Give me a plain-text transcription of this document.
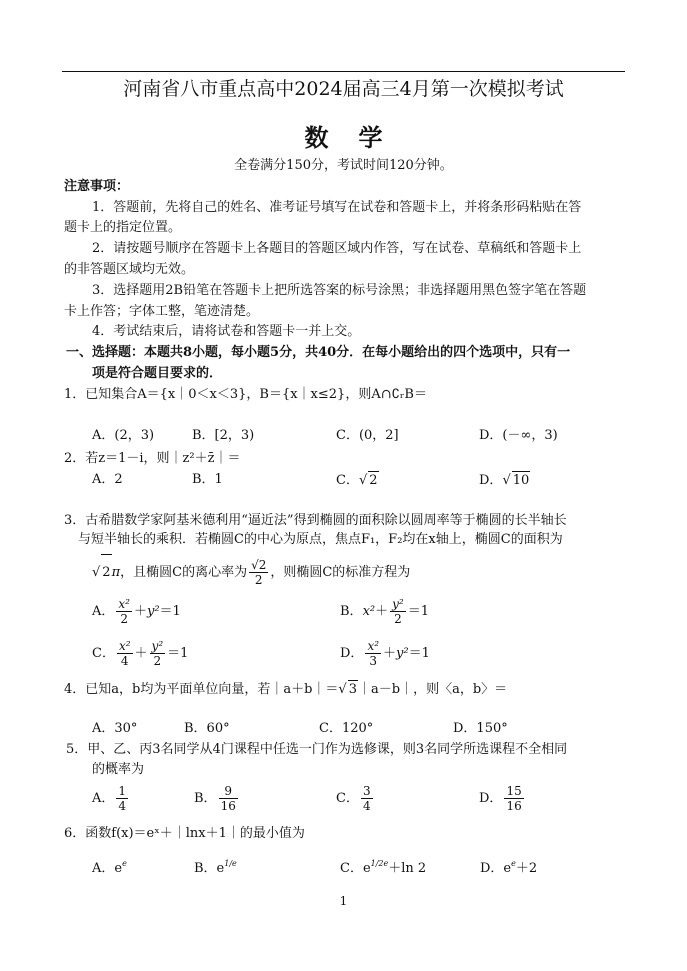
河南省八市重点高中2024届高三4月第一次模拟考试
数学
全卷满分150分，考试时间120分钟。
注意事项：
1．答题前，先将自己的姓名、准考证号填写在试卷和答题卡上，并将条形码粘贴在答
题卡上的指定位置。
2．请按题号顺序在答题卡上各题目的答题区域内作答，写在试卷、草稿纸和答题卡上
的非答题区域均无效。
3．选择题用2B铅笔在答题卡上把所选答案的标号涂黑；非选择题用黑色签字笔在答题
卡上作答；字体工整，笔迹清楚。
4．考试结束后，请将试卷和答题卡一并上交。
一、选择题：本题共8小题，每小题5分，共40分．在每小题给出的四个选项中，只有一
项是符合题目要求的．
1．已知集合A＝{x｜0＜x＜3}，B＝{x｜x≤2}，则A∩∁ᵣB＝
A．(2，3)	B．[2，3)	C．(0，2]	D．(－∞，3)
2．若z＝1－i，则｜z²＋z̄｜＝
A．2	B．1	C．√ 2	D．√ 10
3．古希腊数学家阿基米德利用“逼近法”得到椭圆的面积除以圆周率等于椭圆的长半轴长
与短半轴长的乘积．若椭圆C的中心为原点，焦点F₁，F₂均在x轴上，椭圆C的面积为
√ 2π，且椭圆C的离心率为 $\frac{√2}{2}$ ，则椭圆C的标准方程为
A． $\frac{\text{x²}}{2} +y^2=1$	B．$x^2+ \frac{\text{y²}}{2} =1$
C． $\frac{\text{x²}}{4} + \frac{\text{y²}}{2} =1$	D． $\frac{\text{x²}}{3} +y^2=1$
4．已知a，b均为平面单位向量，若｜a＋b｜＝√ 3｜a－b｜，则〈a，b〉＝
A．30°	B．60°	C．120°	D．150°
5．甲、乙、丙3名同学从4门课程中任选一门作为选修课，则3名同学所选课程不全相同
的概率为
A． $\frac{1}{4}$	B． $\frac{9}{16}$	C． $\frac{3}{4}$	D． $\frac{15}{16}$
6．函数f(x)＝eˣ＋｜lnx＋1｜的最小值为
A．$e^e$	B．$e^{1/e}$	C．$e^{1/2e}+\ln$ 2	D．$e^e+2$
1
